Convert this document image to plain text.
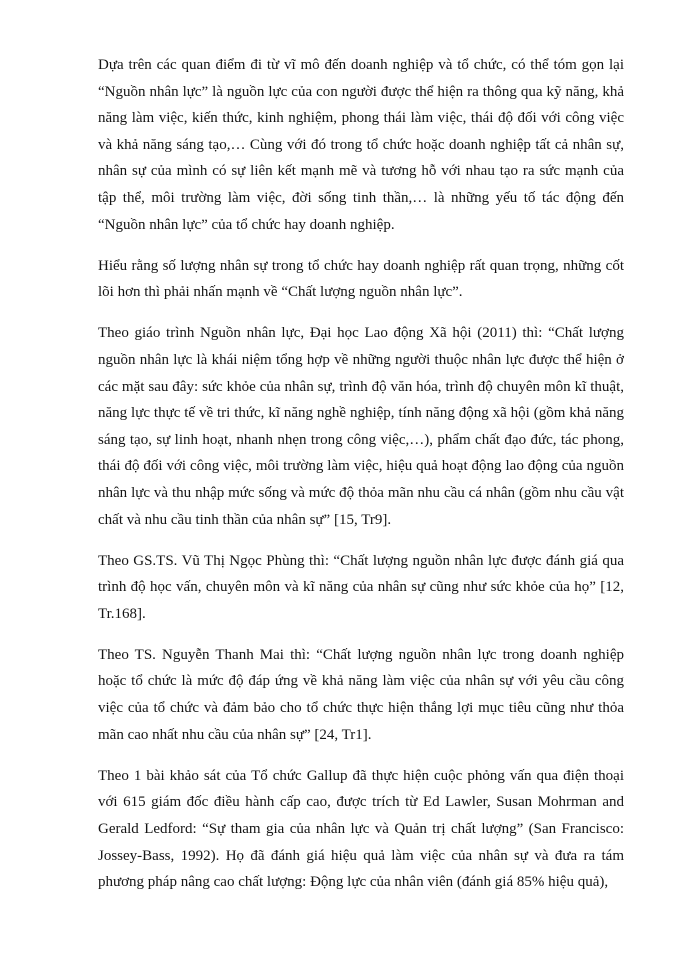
Dựa trên các quan điểm đi từ vĩ mô đến doanh nghiệp và tổ chức, có thể tóm gọn lại “Nguồn nhân lực” là nguồn lực của con người được thể hiện ra thông qua kỹ năng, khả năng làm việc, kiến thức, kinh nghiệm, phong thái làm việc, thái độ đối với công việc và khả năng sáng tạo,… Cùng với đó trong tổ chức hoặc doanh nghiệp tất cả nhân sự, nhân sự của mình có sự liên kết mạnh mẽ và tương hỗ với nhau tạo ra sức mạnh của tập thể, môi trường làm việc, đời sống tinh thần,… là những yếu tố tác động đến “Nguồn nhân lực” của tổ chức hay doanh nghiệp.

Hiểu rằng số lượng nhân sự trong tổ chức hay doanh nghiệp rất quan trọng, những cốt lõi hơn thì phải nhấn mạnh về “Chất lượng nguồn nhân lực”.

Theo giáo trình Nguồn nhân lực, Đại học Lao động Xã hội (2011) thì: “Chất lượng nguồn nhân lực là khái niệm tổng hợp về những người thuộc nhân lực được thể hiện ở các mặt sau đây: sức khỏe của nhân sự, trình độ văn hóa, trình độ chuyên môn kĩ thuật, năng lực thực tế về tri thức, kĩ năng nghề nghiệp, tính năng động xã hội (gồm khả năng sáng tạo, sự linh hoạt, nhanh nhẹn trong công việc,…), phẩm chất đạo đức, tác phong, thái độ đối với công việc, môi trường làm việc, hiệu quả hoạt động lao động của nguồn nhân lực và thu nhập mức sống và mức độ thỏa mãn nhu cầu cá nhân (gồm nhu cầu vật chất và nhu cầu tinh thần của nhân sự” [15, Tr9].

Theo GS.TS. Vũ Thị Ngọc Phùng thì: “Chất lượng nguồn nhân lực được đánh giá qua trình độ học vấn, chuyên môn và kĩ năng của nhân sự cũng như sức khỏe của họ” [12, Tr.168].

Theo TS. Nguyễn Thanh Mai thì: “Chất lượng nguồn nhân lực trong doanh nghiệp hoặc tổ chức là mức độ đáp ứng về khả năng làm việc của nhân sự với yêu cầu công việc của tổ chức và đảm bảo cho tổ chức thực hiện thắng lợi mục tiêu cũng như thỏa mãn cao nhất nhu cầu của nhân sự” [24, Tr1].

Theo 1 bài khảo sát của Tổ chức Gallup đã thực hiện cuộc phỏng vấn qua điện thoại với 615 giám đốc điều hành cấp cao, được trích từ Ed Lawler, Susan Mohrman and Gerald Ledford: “Sự tham gia của nhân lực và Quản trị chất lượng” (San Francisco: Jossey-Bass, 1992). Họ đã đánh giá hiệu quả làm việc của nhân sự và đưa ra tám phương pháp nâng cao chất lượng: Động lực của nhân viên (đánh giá 85% hiệu quả),
